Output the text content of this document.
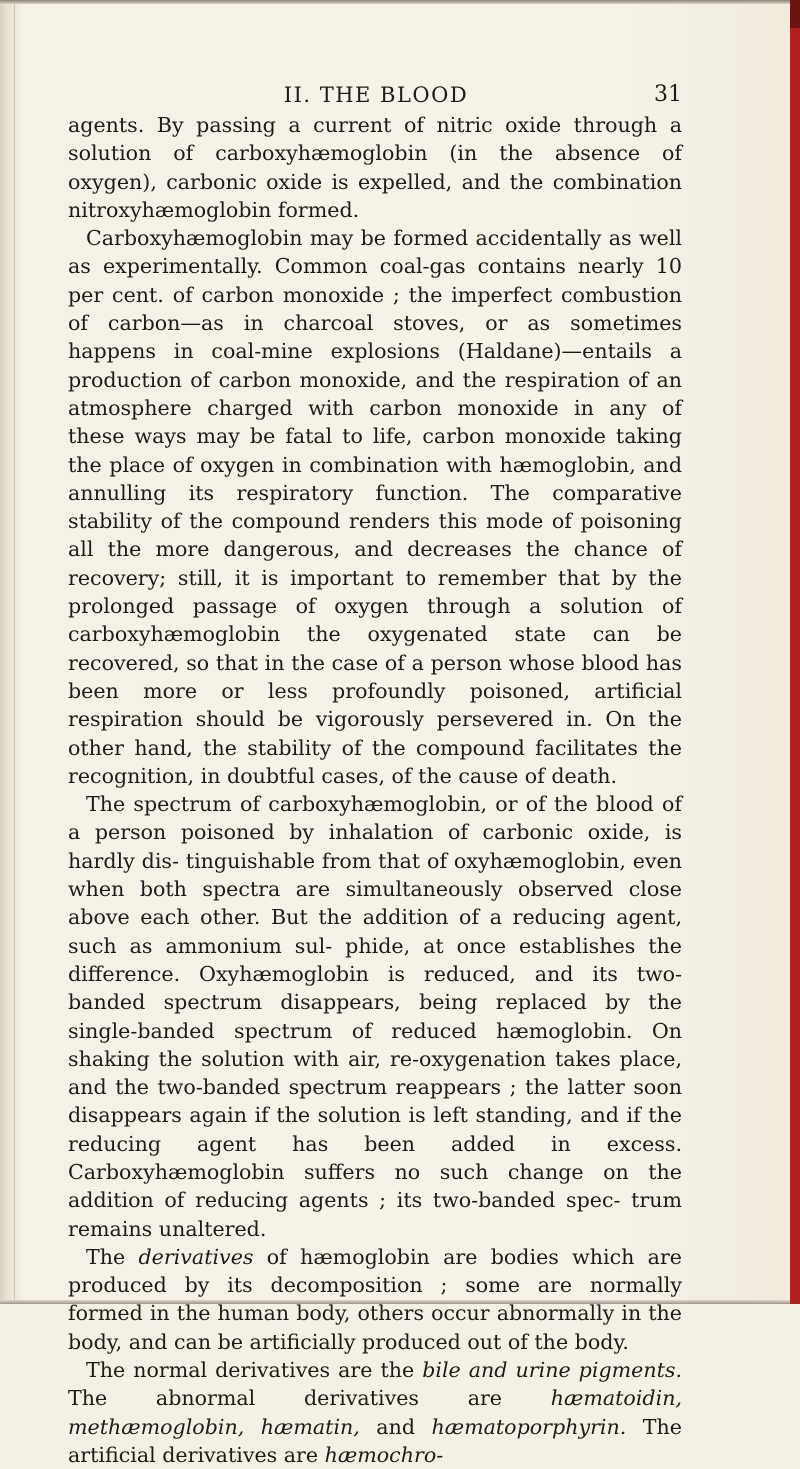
II. THE BLOOD	31

agents. By passing a current of nitric oxide through a solution of carboxyhæmoglobin (in the absence of oxygen), carbonic oxide is expelled, and the combination nitroxyhæmoglobin formed.

Carboxyhæmoglobin may be formed accidentally as well as experimentally. Common coal-gas contains nearly 10 per cent. of carbon monoxide ; the imperfect combustion of carbon—as in charcoal stoves, or as sometimes happens in coal-mine explosions (Haldane)—entails a production of carbon monoxide, and the respiration of an atmosphere charged with carbon monoxide in any of these ways may be fatal to life, carbon monoxide taking the place of oxygen in combination with hæmoglobin, and annulling its respiratory function. The comparative stability of the compound renders this mode of poisoning all the more dangerous, and decreases the chance of recovery; still, it is important to remember that by the prolonged passage of oxygen through a solution of carboxyhæmoglobin the oxygenated state can be recovered, so that in the case of a person whose blood has been more or less profoundly poisoned, artificial respiration should be vigorously persevered in. On the other hand, the stability of the compound facilitates the recognition, in doubtful cases, of the cause of death.

The spectrum of carboxyhæmoglobin, or of the blood of a person poisoned by inhalation of carbonic oxide, is hardly dis- tinguishable from that of oxyhæmoglobin, even when both spectra are simultaneously observed close above each other. But the addition of a reducing agent, such as ammonium sul- phide, at once establishes the difference. Oxyhæmoglobin is reduced, and its two-banded spectrum disappears, being replaced by the single-banded spectrum of reduced hæmoglobin. On shaking the solution with air, re-oxygenation takes place, and the two-banded spectrum reappears ; the latter soon disappears again if the solution is left standing, and if the reducing agent has been added in excess. Carboxyhæmoglobin suffers no such change on the addition of reducing agents ; its two-banded spec- trum remains unaltered.

The derivatives of hæmoglobin are bodies which are produced by its decomposition ; some are normally formed in the human body, others occur abnormally in the body, and can be artificially produced out of the body.

The normal derivatives are the bile and urine pigments. The abnormal derivatives are hæmatoidin, methæmoglobin, hæmatin, and hæmatoporphyrin. The artificial derivatives are hæmochro-
